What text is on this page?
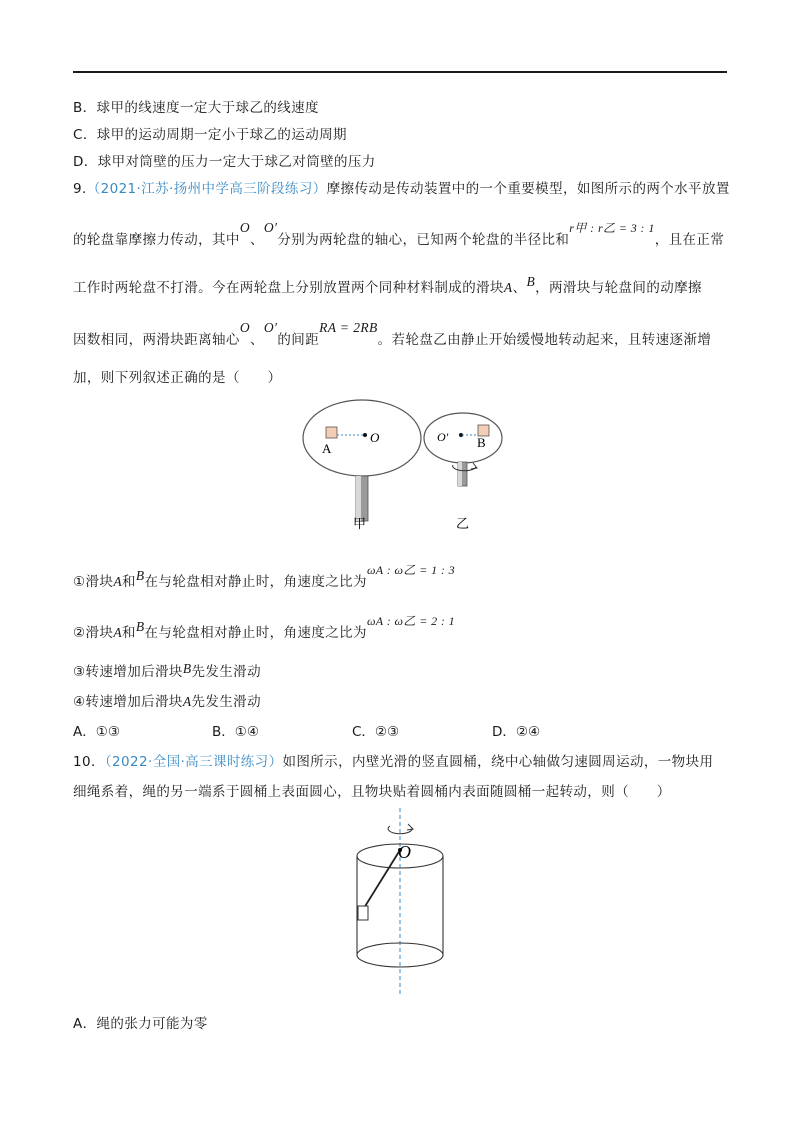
B．球甲的线速度一定大于球乙的线速度
C．球甲的运动周期一定小于球乙的运动周期
D．球甲对筒壁的压力一定大于球乙对筒壁的压力
9.（2021·江苏·扬州中学高三阶段练习）摩擦传动是传动装置中的一个重要模型，如图所示的两个水平放置
的轮盘靠摩擦力传动，其中O、O′分别为两轮盘的轴心，已知两个轮盘的半径比和r甲 : r乙 = 3 : 1，且在正常
工作时两轮盘不打滑。今在两轮盘上分别放置两个同种材料制成的滑块A、B，两滑块与轮盘间的动摩擦
因数相同，两滑块距离轴心O、O′的间距RA = 2RB。若轮盘乙由静止开始缓慢地转动起来，且转速逐渐增
加，则下列叙述正确的是（　　）
A
O	O′ B
甲	乙
①滑块A和B在与轮盘相对静止时，角速度之比为ωA : ω乙 = 1 : 3
②滑块A和B在与轮盘相对静止时，角速度之比为ωA : ω乙 = 2 : 1
③转速增加后滑块B先发生滑动
④转速增加后滑块A先发生滑动
A．①③	B．①④	C．②③	D．②④
10．（2022·全国·高三课时练习）如图所示，内壁光滑的竖直圆桶，绕中心轴做匀速圆周运动，一物块用
细绳系着，绳的另一端系于圆桶上表面圆心，且物块贴着圆桶内表面随圆桶一起转动，则（　　）
O
A．绳的张力可能为零
